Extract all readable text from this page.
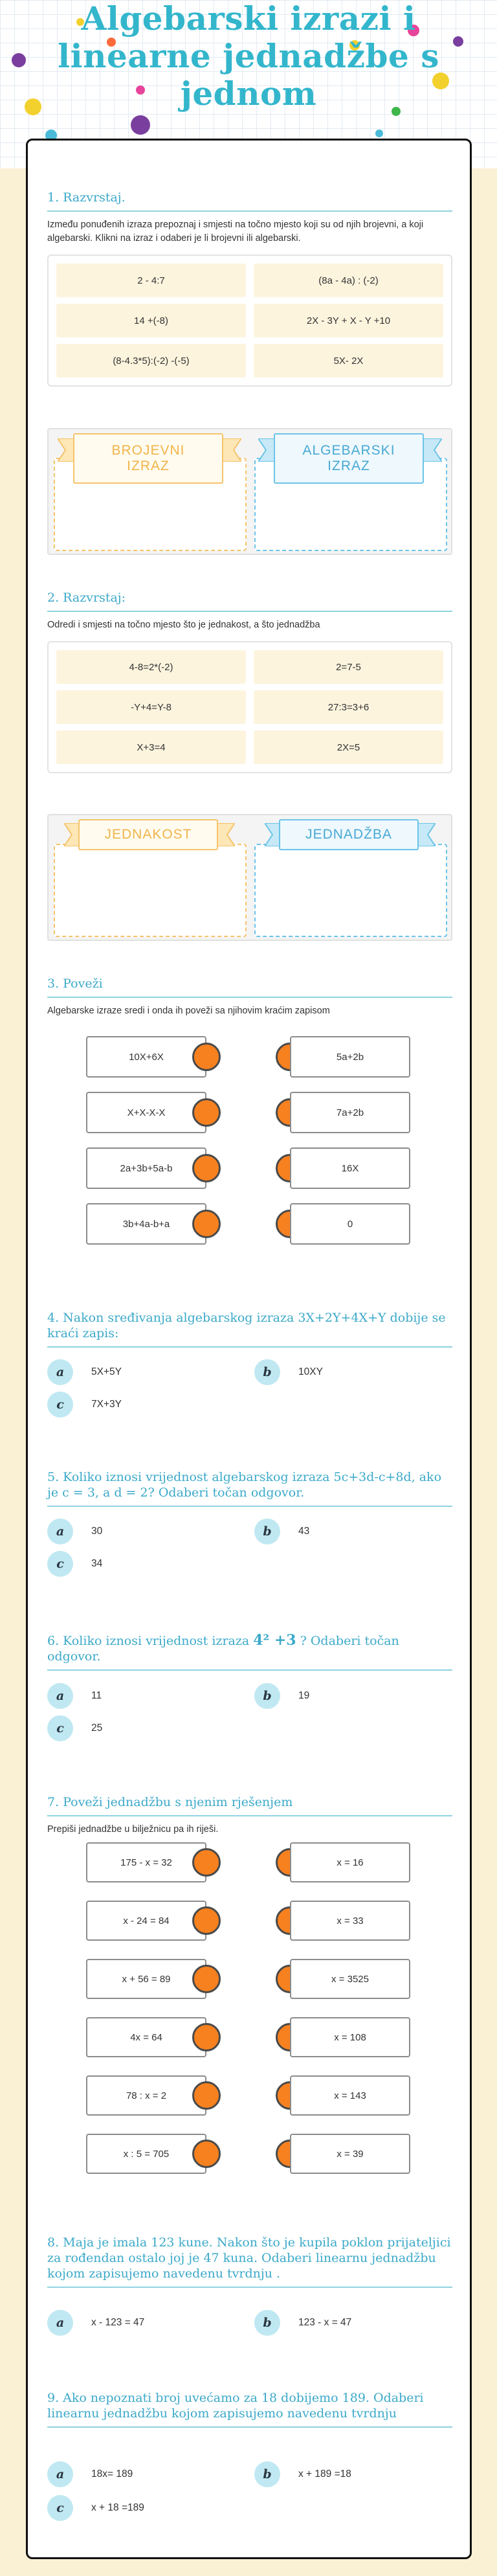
Algebarski izrazi i linearne jednadžbe s jednom
1. Razvrstaj.
Između ponuđenih izraza prepoznaj i smjesti na točno mjesto koji su od njih brojevni, a koji algebarski. Klikni na izraz i odaberi je li brojevni ili algebarski.
2 - 4:7	(8a - 4a) : (-2)
14 +(-8)	2X - 3Y + X - Y +10
(8-4.3*5):(-2) -(-5)	5X- 2X
BROJEVNI IZRAZ
ALGEBARSKI IZRAZ
2. Razvrstaj:
Odredi i smjesti na točno mjesto što je jednakost, a što jednadžba
4-8=2*(-2)	2=7-5
-Y+4=Y-8	27:3=3+6
X+3=4	2X=5
JEDNAKOST	JEDNADŽBA
3. Poveži
Algebarske izraze sredi i onda ih poveži sa njihovim kraćim zapisom
10X+6X	5a+2b
X+X-X-X	7a+2b
2a+3b+5a-b	16X
3b+4a-b+a	0
4. Nakon sređivanja algebarskog izraza 3X+2Y+4X+Y dobije se kraći zapis:
a	5X+5Y	b	10XY
c	7X+3Y
5. Koliko iznosi vrijednost algebarskog izraza 5c+3d-c+8d, ako je c = 3, a d = 2? Odaberi točan odgovor.
a	30	b	43
c	34
6. Koliko iznosi vrijednost izraza 4² +3 ? Odaberi točan odgovor.
a	11	b	19
c	25
7. Poveži jednadžbu s njenim rješenjem
Prepiši jednadžbe u bilježnicu pa ih riješi.
175 - x = 32	x = 16
x - 24 = 84	x = 33
x + 56 = 89	x = 3525
4x = 64	x = 108
78 : x = 2	x = 143
x : 5 = 705	x = 39
8. Maja je imala 123 kune. Nakon što je kupila poklon prijateljici za rođendan ostalo joj je 47 kuna. Odaberi linearnu jednadžbu kojom zapisujemo navedenu tvrdnju .
a	x - 123 = 47	b	123 - x = 47
9. Ako nepoznati broj uvećamo za 18 dobijemo 189. Odaberi linearnu jednadžbu kojom zapisujemo navedenu tvrdnju
a	18x= 189	b	x + 189 =18
c	x + 18 =189
